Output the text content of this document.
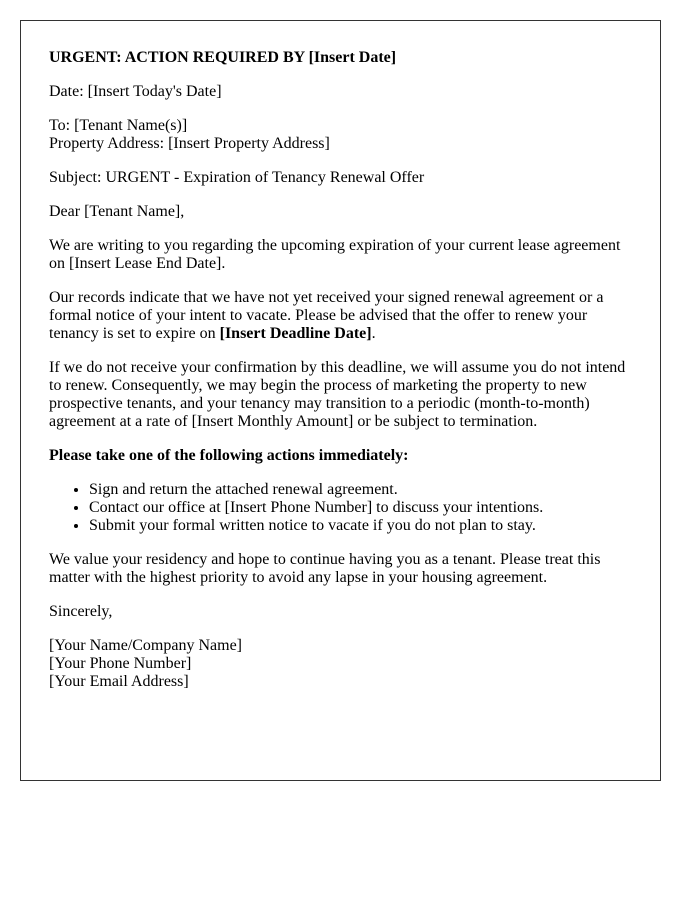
URGENT: ACTION REQUIRED BY [Insert Date]

Date: [Insert Today's Date]

To: [Tenant Name(s)]
Property Address: [Insert Property Address]

Subject: URGENT - Expiration of Tenancy Renewal Offer

Dear [Tenant Name],

We are writing to you regarding the upcoming expiration of your current lease agreement on [Insert Lease End Date].

Our records indicate that we have not yet received your signed renewal agreement or a formal notice of your intent to vacate. Please be advised that the offer to renew your tenancy is set to expire on [Insert Deadline Date].

If we do not receive your confirmation by this deadline, we will assume you do not intend to renew. Consequently, we may begin the process of marketing the property to new prospective tenants, and your tenancy may transition to a periodic (month-to-month) agreement at a rate of [Insert Monthly Amount] or be subject to termination.

Please take one of the following actions immediately:

• Sign and return the attached renewal agreement.
• Contact our office at [Insert Phone Number] to discuss your intentions.
• Submit your formal written notice to vacate if you do not plan to stay.

We value your residency and hope to continue having you as a tenant. Please treat this matter with the highest priority to avoid any lapse in your housing agreement.

Sincerely,

[Your Name/Company Name]
[Your Phone Number]
[Your Email Address]
